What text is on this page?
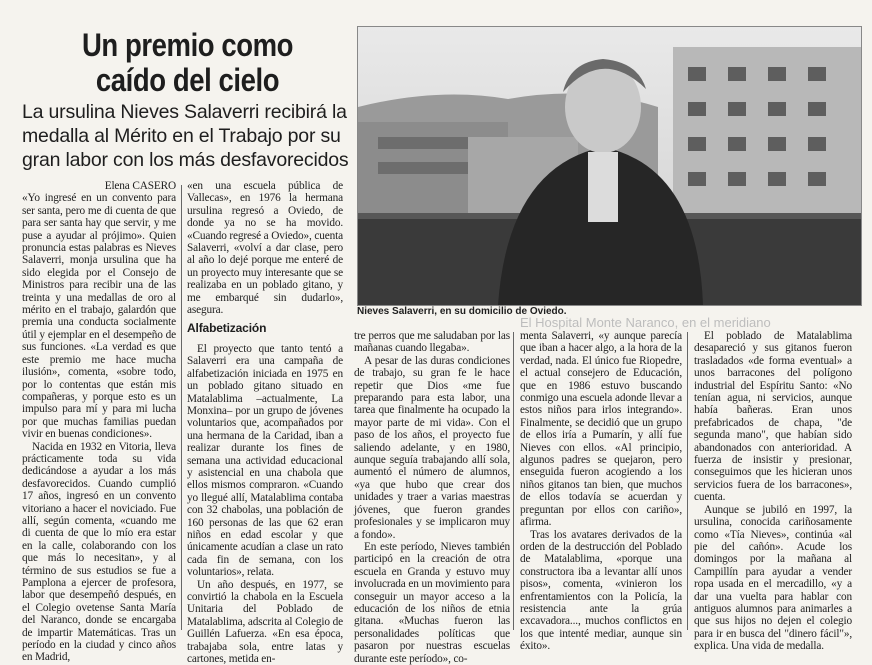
Un premio como
caído del cielo
La ursulina Nieves Salaverri recibirá la medalla al Mérito en el Trabajo por su gran labor con los más desfavorecidos
Nieves Salaverri, en su domicilio de Oviedo.
El Hospital Monte Naranco, en el meridiano
Elena CASERO

«Yo ingresé en un convento para ser santa, pero me di cuenta de que para ser santa hay que servir, y me puse a ayudar al prójimo». Quien pronuncia estas palabras es Nieves Salaverri, monja ursulina que ha sido elegida por el Consejo de Ministros para recibir una de las treinta y una medallas de oro al mérito en el trabajo, galardón que premia una conducta socialmente útil y ejemplar en el desempeño de sus funciones. «La verdad es que este premio me hace mucha ilusión», comenta, «sobre todo, por lo contentas que están mis compañeras, y porque esto es un impulso para mí y para mi lucha por que muchas familias puedan vivir en buenas condiciones».

Nacida en 1932 en Vitoria, lleva prácticamente toda su vida dedicándose a ayudar a los más desfavorecidos. Cuando cumplió 17 años, ingresó en un convento vitoriano a hacer el noviciado. Fue allí, según comenta, «cuando me di cuenta de que lo mío era estar en la calle, colaborando con los que más lo necesitan», y al término de sus estudios se fue a Pamplona a ejercer de profesora, labor que desempeñó después, en el Colegio ovetense Santa María del Naranco, donde se encargaba de impartir Matemáticas. Tras un período en la ciudad y cinco años en Madrid,

«en una escuela pública de Vallecas», en 1976 la hermana ursulina regresó a Oviedo, de donde ya no se ha movido. «Cuando regresé a Oviedo», cuenta Salaverri, «volví a dar clase, pero al año lo dejé porque me enteré de un proyecto muy interesante que se realizaba en un poblado gitano, y me embarqué sin dudarlo», asegura.

Alfabetización

El proyecto que tanto tentó a Salaverri era una campaña de alfabetización iniciada en 1975 en un poblado gitano situado en Matalablima –actualmente, La Monxina– por un grupo de jóvenes voluntarios que, acompañados por una hermana de la Caridad, iban a realizar durante los fines de semana una actividad educacional y asistencial en una chabola que ellos mismos compraron. «Cuando yo llegué allí, Matalablima contaba con 32 chabolas, una población de 160 personas de las que 62 eran niños en edad escolar y que únicamente acudían a clase un rato cada fin de semana, con los voluntarios», relata.

Un año después, en 1977, se convirtió la chabola en la Escuela Unitaria del Poblado de Matalablima, adscrita al Colegio de Guillén Lafuerza. «En esa época, trabajaba sola, entre latas y cartones, metida en-

tre perros que me saludaban por las mañanas cuando llegaba».

A pesar de las duras condiciones de trabajo, su gran fe le hace repetir que Dios «me fue preparando para esta labor, una tarea que finalmente ha ocupado la mayor parte de mi vida». Con el paso de los años, el proyecto fue saliendo adelante, y en 1980, aunque seguía trabajando allí sola, aumentó el número de alumnos, «ya que hubo que crear dos unidades y traer a varias maestras jóvenes, que fueron grandes profesionales y se implicaron muy a fondo».

En este período, Nieves también participó en la creación de otra escuela en Granda y estuvo muy involucrada en un movimiento para conseguir un mayor acceso a la educación de los niños de etnia gitana. «Muchas fueron las personalidades políticas que pasaron por nuestras escuelas durante este período», co-

menta Salaverri, «y aunque parecía que iban a hacer algo, a la hora de la verdad, nada. El único fue Riopedre, el actual consejero de Educación, que en 1986 estuvo buscando conmigo una escuela adonde llevar a estos niños para irlos integrando». Finalmente, se decidió que un grupo de ellos iría a Pumarín, y allí fue Nieves con ellos. «Al principio, algunos padres se quejaron, pero enseguida fueron acogiendo a los niños gitanos tan bien, que muchos de ellos todavía se acuerdan y preguntan por ellos con cariño», afirma.

Tras los avatares derivados de la orden de la destrucción del Poblado de Matalablima, «porque una constructora iba a levantar allí unos pisos», comenta, «vinieron los enfrentamientos con la Policía, la resistencia ante la grúa excavadora..., muchos conflictos en los que intenté mediar, aunque sin éxito».

El poblado de Matalablima desapareció y sus gitanos fueron trasladados «de forma eventual» a unos barracones del polígono industrial del Espíritu Santo: «No tenían agua, ni servicios, aunque había bañeras. Eran unos prefabricados de chapa, "de segunda mano", que habían sido abandonados con anterioridad. A fuerza de insistir y presionar, conseguimos que les hicieran unos servicios fuera de los barracones», cuenta.

Aunque se jubiló en 1997, la ursulina, conocida cariñosamente como «Tía Nieves», continúa «al pie del cañón». Acude los domingos por la mañana al Campillín para ayudar a vender ropa usada en el mercadillo, «y a dar una vuelta para hablar con antiguos alumnos para animarles a que sus hijos no dejen el colegio para ir en busca del "dinero fácil"», explica. Una vida de medalla.
